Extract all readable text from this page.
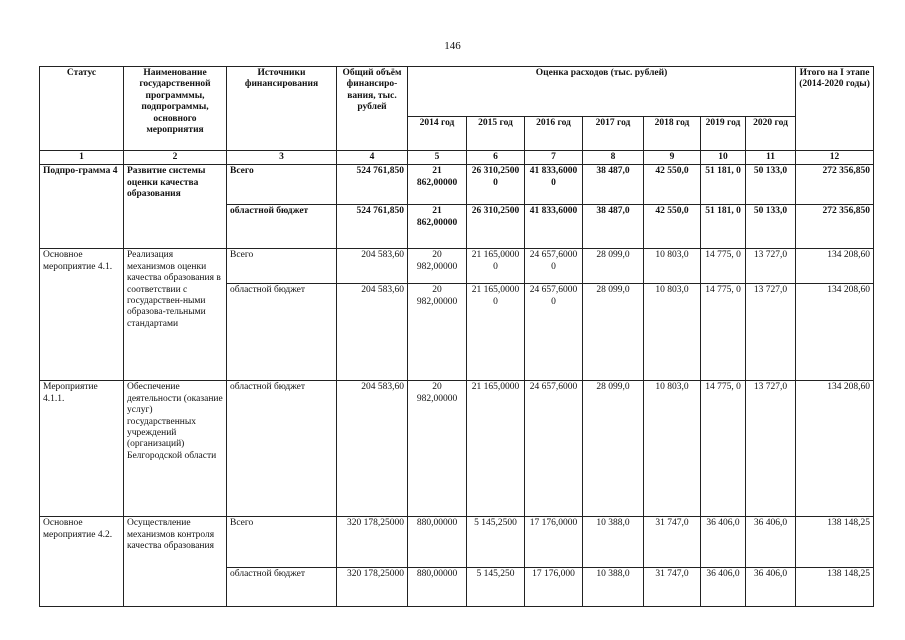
146
Статус	Наименование государственной программмы, подпрограммы, основного мероприятия	Источники финансирования	Общий объём финансиро-вания, тыс. рублей	Оценка расходов (тыс. рублей)							Итого на I этапе (2014-2020 годы)
				2014 год	2015 год	2016 год	2017 год	2018 год	2019 год	2020 год	
1	2	3	4	5	6	7	8	9	10	11	12
Подпро-грамма 4	Развитие системы оценки качества образования	Всего	524 761,850	21 862,00000	26 310,2500 0	41 833,6000 0	38 487,0	42 550,0	51 181, 0	50 133,0	272 356,850
		областной бюджет	524 761,850	21 862,00000	26 310,2500	41 833,6000	38 487,0	42 550,0	51 181, 0	50 133,0	272 356,850
Основное мероприятие 4.1.	Реализация механизмов оценки качества образования в соответствии с государствен-ными образова-тельными стандартами	Всего	204 583,60	20 982,00000	21 165,0000 0	24 657,6000 0	28 099,0	10 803,0	14 775, 0	13 727,0	134 208,60
		областной бюджет	204 583,60	20 982,00000	21 165,0000 0	24 657,6000 0	28 099,0	10 803,0	14 775, 0	13 727,0	134 208,60
Мероприятие 4.1.1.	Обеспечение деятельности (оказание услуг) государственных учреждений (организаций) Белгородской области	областной бюджет	204 583,60	20 982,00000	21 165,0000	24 657,6000	28 099,0	10 803,0	14 775, 0	13 727,0	134 208,60
Основное мероприятие 4.2.	Осуществление механизмов контроля качества образования	Всего	320 178,25000	880,00000	5 145,2500	17 176,0000	10 388,0	31 747,0	36 406,0	36 406,0	138 148,25
		областной бюджет	320 178,25000	880,00000	5 145,250	17 176,000	10 388,0	31 747,0	36 406,0	36 406,0	138 148,25
